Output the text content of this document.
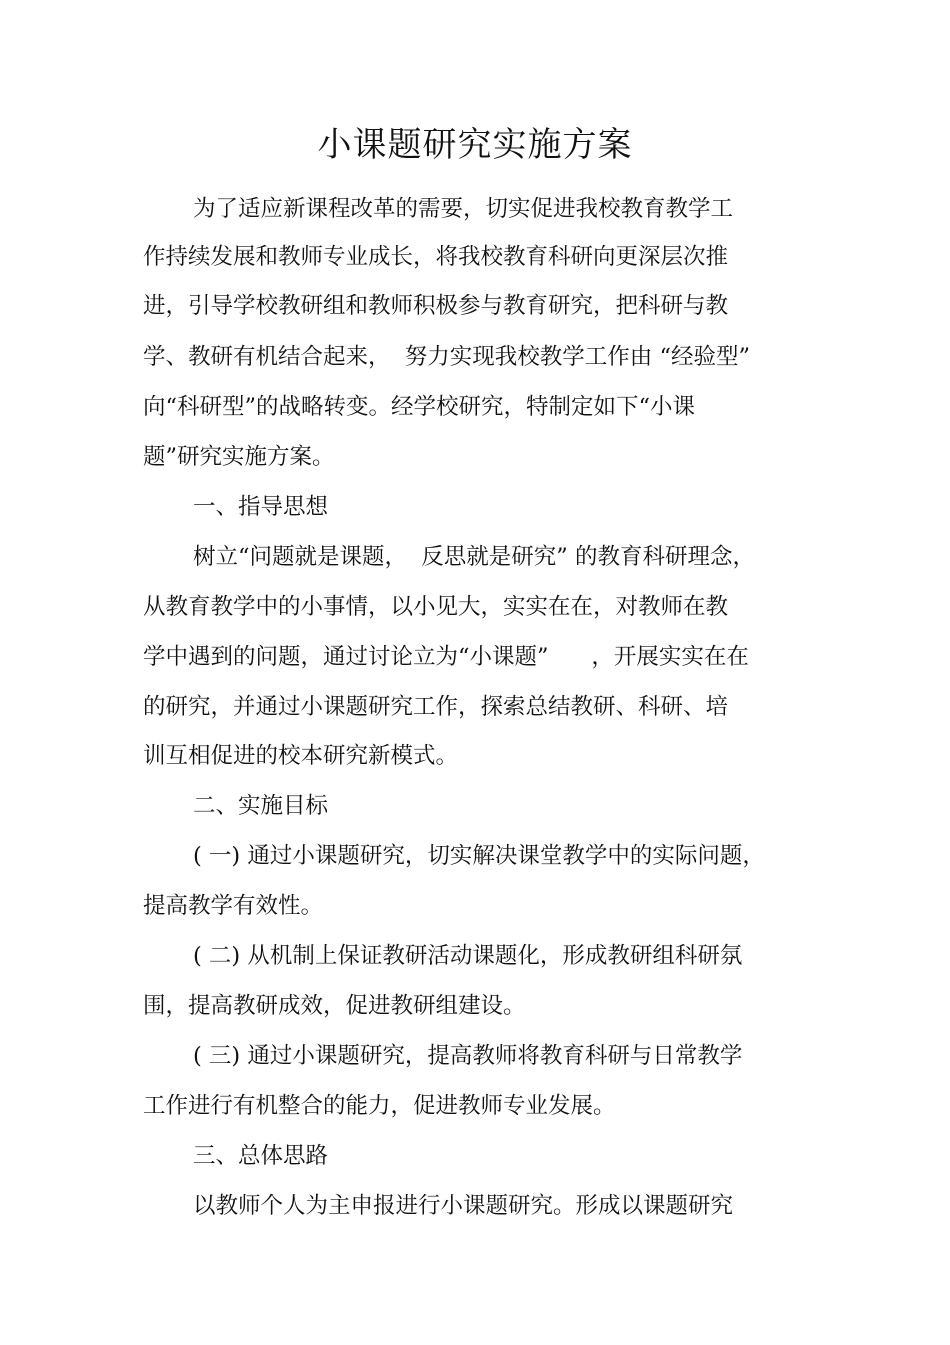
小课题研究实施方案
为了适应新课程改革的需要，切实促进我校教育教学工
作持续发展和教师专业成长，将我校教育科研向更深层次推
进，引导学校教研组和教师积极参与教育研究，把科研与教
学、教研有机结合起来，  努力实现我校教学工作由 “经验型”
向“科研型”的战略转变。经学校研究，特制定如下“小课
题”研究实施方案。
一、指导思想
树立“问题就是课题，  反思就是研究” 的教育科研理念，
从教育教学中的小事情，以小见大，实实在在，对教师在教
学中遇到的问题，通过讨论立为“小课题”      ，开展实实在在
的研究，并通过小课题研究工作，探索总结教研、科研、培
训互相促进的校本研究新模式。
二、实施目标
( 一) 通过小课题研究，切实解决课堂教学中的实际问题，
提高教学有效性。
( 二) 从机制上保证教研活动课题化，形成教研组科研氛
围，提高教研成效，促进教研组建设。
( 三) 通过小课题研究，提高教师将教育科研与日常教学
工作进行有机整合的能力，促进教师专业发展。
三、总体思路
以教师个人为主申报进行小课题研究。形成以课题研究
